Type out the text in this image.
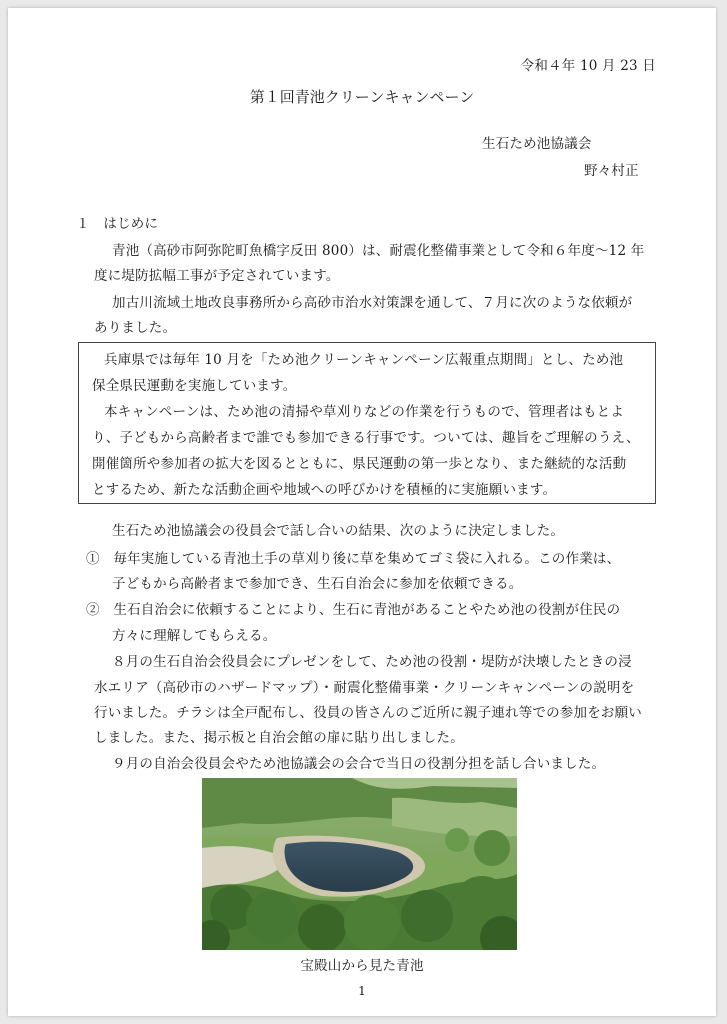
令和４年 10 月 23 日
第１回青池クリーンキャンペーン
生石ため池協議会
野々村正
１　はじめに
青池（高砂市阿弥陀町魚橋字反田 800）は、耐震化整備事業として令和６年度～12 年
度に堤防拡幅工事が予定されています。
加古川流域土地改良事務所から高砂市治水対策課を通して、７月に次のような依頼が
ありました。
兵庫県では毎年 10 月を「ため池クリーンキャンペーン広報重点期間」とし、ため池
保全県民運動を実施しています。
本キャンペーンは、ため池の清掃や草刈りなどの作業を行うもので、管理者はもとよ
り、子どもから高齢者まで誰でも参加できる行事です。ついては、趣旨をご理解のうえ、
開催箇所や参加者の拡大を図るとともに、県民運動の第一歩となり、また継続的な活動
とするため、新たな活動企画や地域への呼びかけを積極的に実施願います。
生石ため池協議会の役員会で話し合いの結果、次のように決定しました。
①　毎年実施している青池土手の草刈り後に草を集めてゴミ袋に入れる。この作業は、
子どもから高齢者まで参加でき、生石自治会に参加を依頼できる。
②　生石自治会に依頼することにより、生石に青池があることやため池の役割が住民の
方々に理解してもらえる。
８月の生石自治会役員会にプレゼンをして、ため池の役割・堤防が決壊したときの浸
水エリア（高砂市のハザードマップ）・耐震化整備事業・クリーンキャンペーンの説明を
行いました。チラシは全戸配布し、役員の皆さんのご近所に親子連れ等での参加をお願い
しました。また、掲示板と自治会館の扉に貼り出しました。
９月の自治会役員会やため池協議会の会合で当日の役割分担を話し合いました。
宝殿山から見た青池
1
